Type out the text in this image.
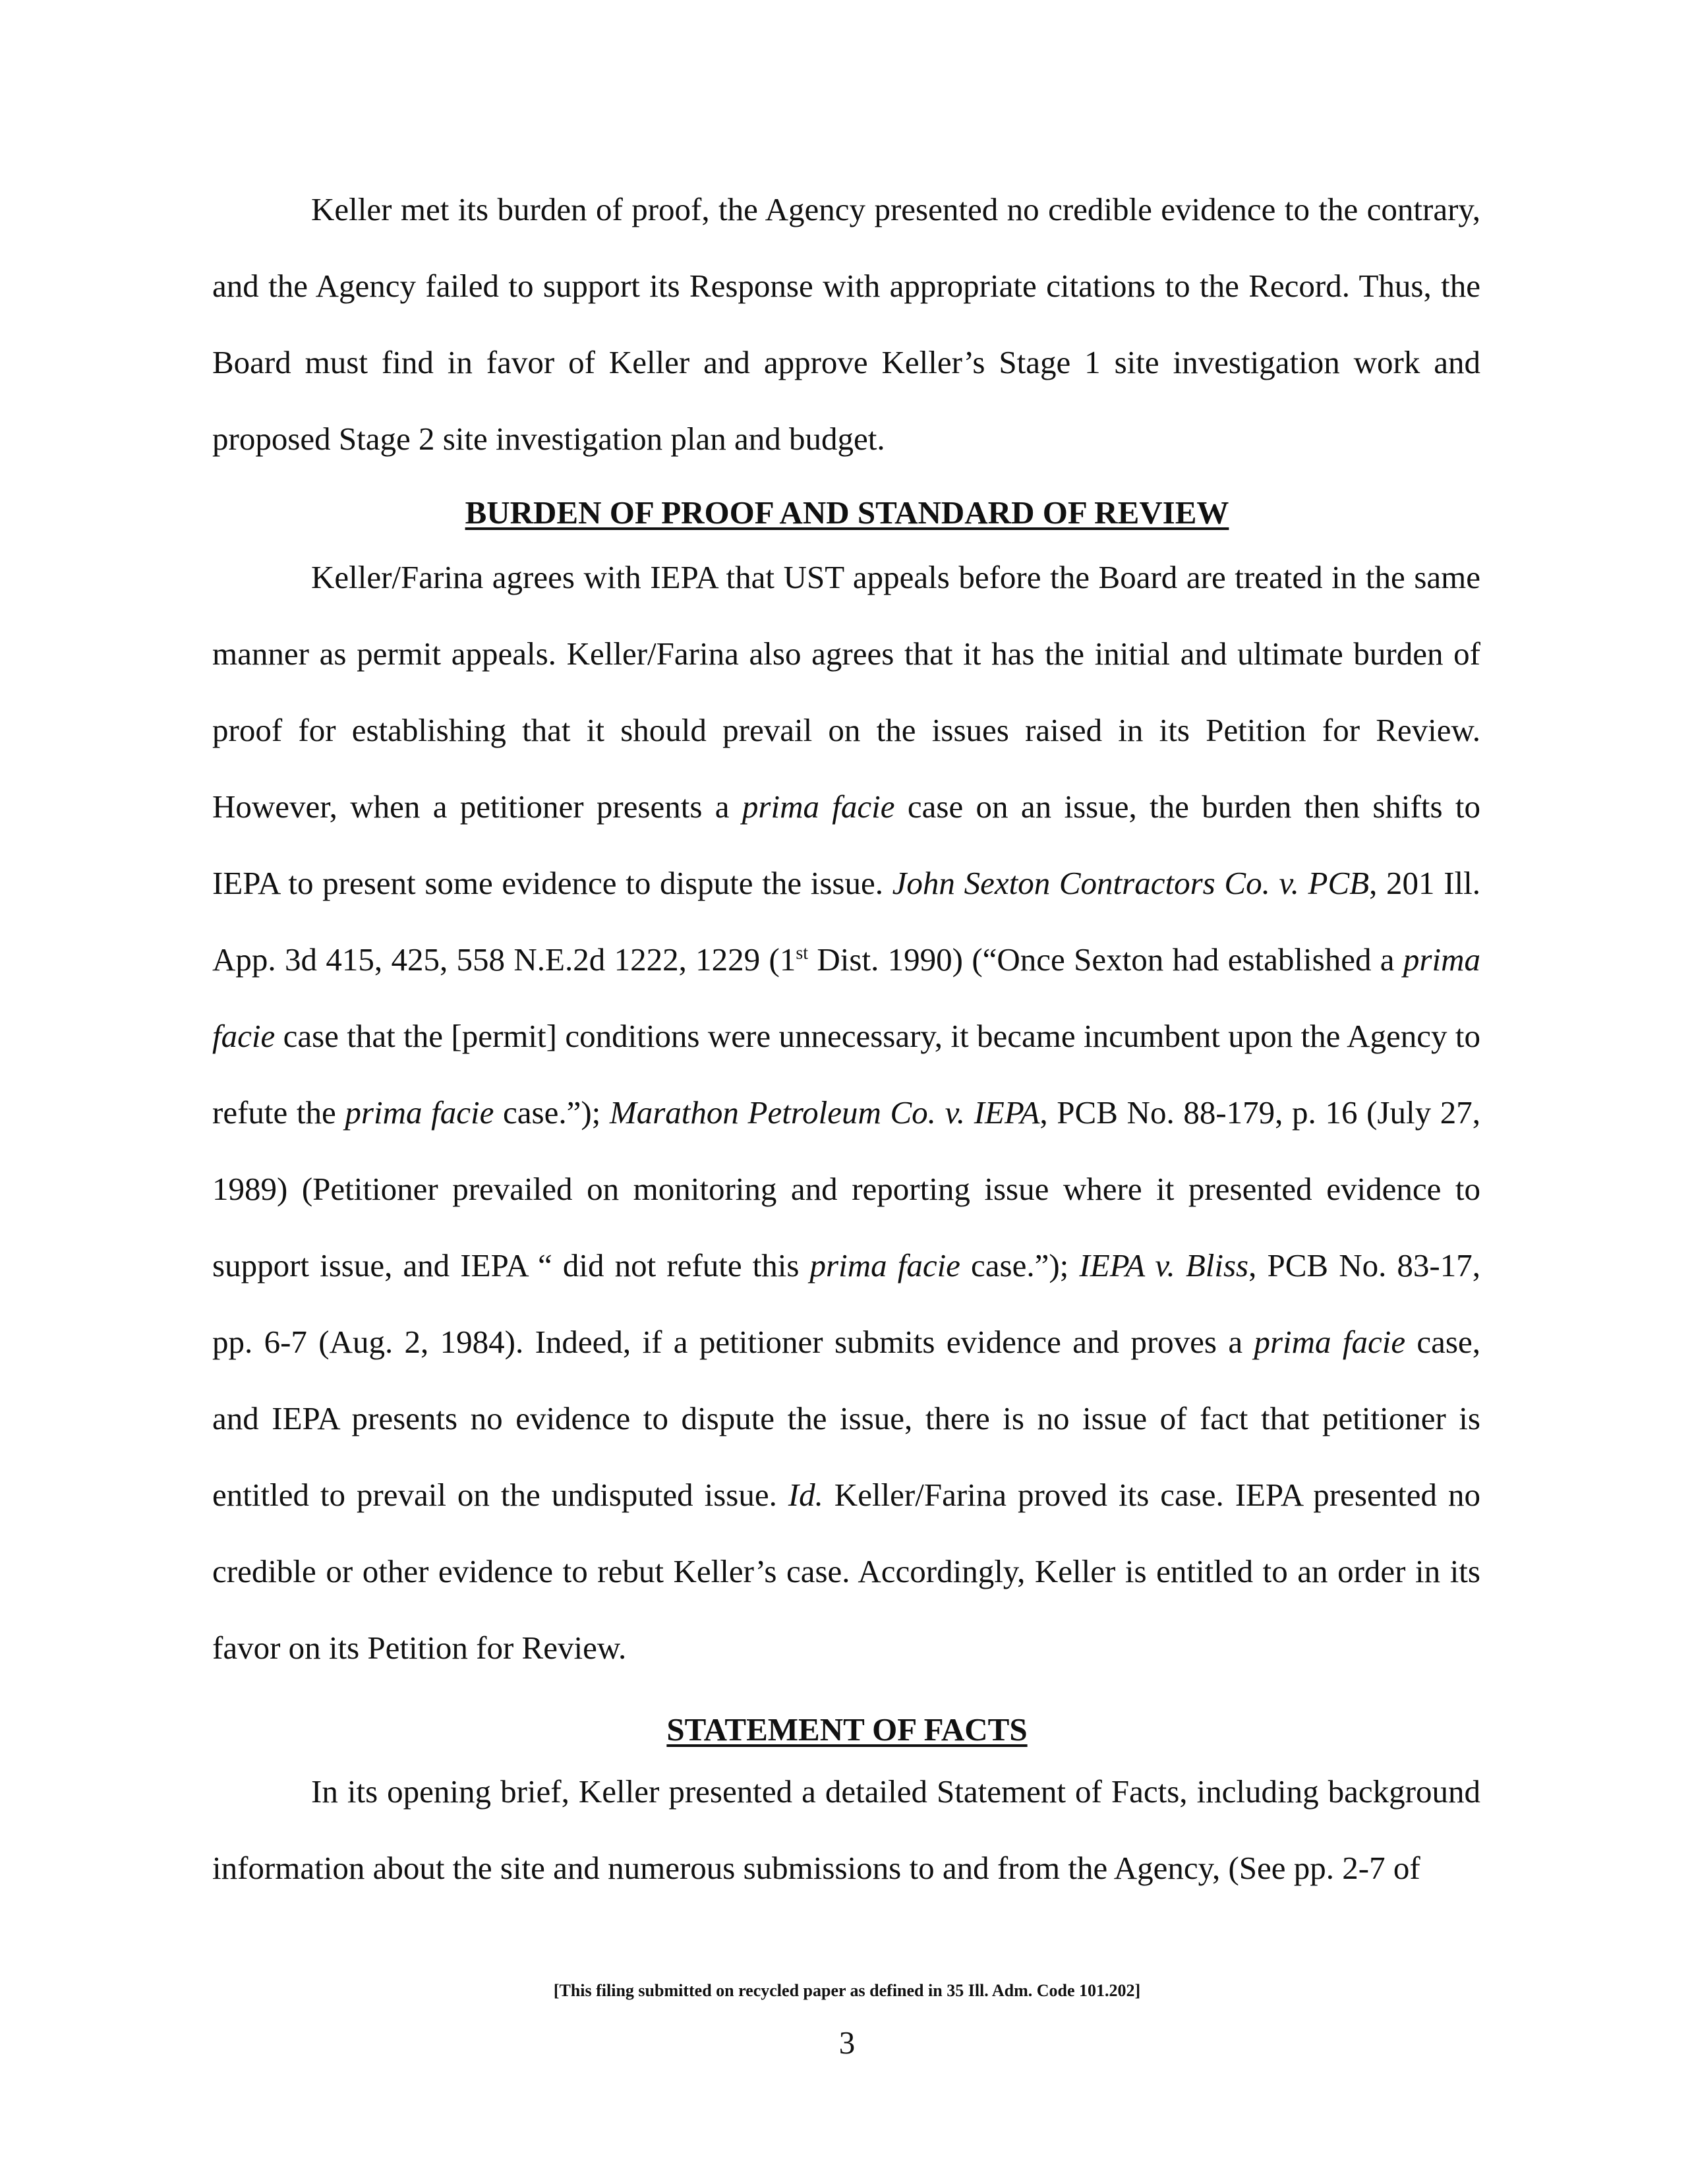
Keller met its burden of proof, the Agency presented no credible evidence to the contrary, and the Agency failed to support its Response with appropriate citations to the Record. Thus, the Board must find in favor of Keller and approve Keller’s Stage 1 site investigation work and proposed Stage 2 site investigation plan and budget.

BURDEN OF PROOF AND STANDARD OF REVIEW

Keller/Farina agrees with IEPA that UST appeals before the Board are treated in the same manner as permit appeals. Keller/Farina also agrees that it has the initial and ultimate burden of proof for establishing that it should prevail on the issues raised in its Petition for Review. However, when a petitioner presents a prima facie case on an issue, the burden then shifts to IEPA to present some evidence to dispute the issue. John Sexton Contractors Co. v. PCB, 201 Ill. App. 3d 415, 425, 558 N.E.2d 1222, 1229 (1st Dist. 1990) (“Once Sexton had established a prima facie case that the [permit] conditions were unnecessary, it became incumbent upon the Agency to refute the prima facie case.”); Marathon Petroleum Co. v. IEPA, PCB No. 88-179, p. 16 (July 27, 1989) (Petitioner prevailed on monitoring and reporting issue where it presented evidence to support issue, and IEPA “ did not refute this prima facie case.”); IEPA v. Bliss, PCB No. 83-17, pp. 6-7 (Aug. 2, 1984). Indeed, if a petitioner submits evidence and proves a prima facie case, and IEPA presents no evidence to dispute the issue, there is no issue of fact that petitioner is entitled to prevail on the undisputed issue. Id. Keller/Farina proved its case. IEPA presented no credible or other evidence to rebut Keller’s case. Accordingly, Keller is entitled to an order in its favor on its Petition for Review.

STATEMENT OF FACTS

In its opening brief, Keller presented a detailed Statement of Facts, including background information about the site and numerous submissions to and from the Agency, (See pp. 2-7 of

[This filing submitted on recycled paper as defined in 35 Ill. Adm. Code 101.202]

3
